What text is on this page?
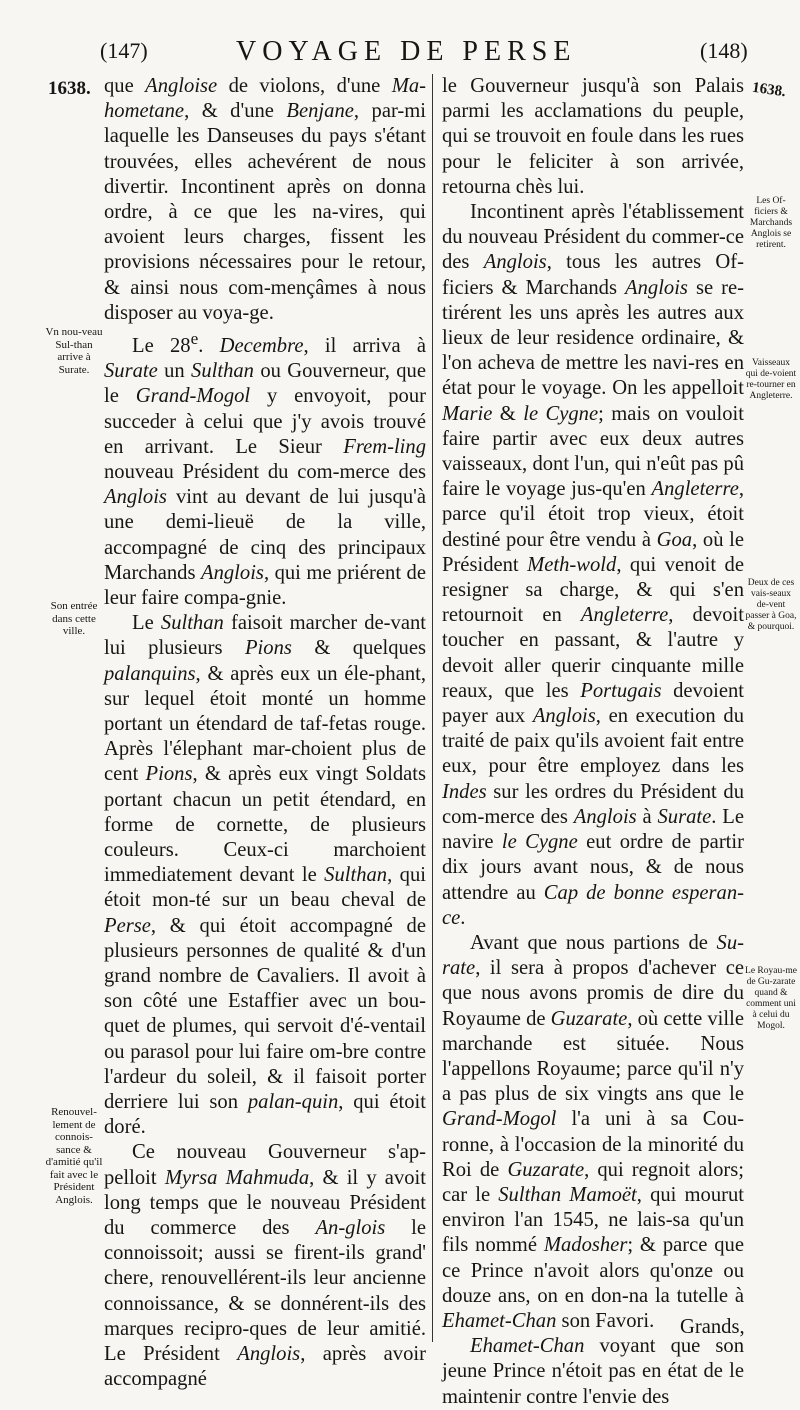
(147)	VOYAGE DE PERSE	(148)
1638.	1638.

que Angloise de violons, d'une Ma-hometane, & d'une Benjane, par-mi laquelle les Danseuses du pays s'étant trouvées, elles achevérent de nous divertir. Incontinent après on donna ordre, à ce que les na-vires, qui avoient leurs charges, fissent les provisions nécessaires pour le retour, & ainsi nous com-mençâmes à nous disposer au voya-ge.

Le 28e. Decembre, il arriva à Surate un Sulthan ou Gouverneur, que le Grand-Mogol y envoyoit, pour succeder à celui que j'y avois trouvé en arrivant. Le Sieur Frem-ling nouveau Président du com-merce des Anglois vint au devant de lui jusqu'à une demi-lieuë de la ville, accompagné de cinq des principaux Marchands Anglois, qui me priérent de leur faire compa-gnie.

Le Sulthan faisoit marcher de-vant lui plusieurs Pions & quelques palanquins, & après eux un éle-phant, sur lequel étoit monté un homme portant un étendard de taf-fetas rouge. Après l'élephant mar-choient plus de cent Pions, & après eux vingt Soldats portant chacun un petit étendard, en forme de cornette, de plusieurs couleurs. Ceux-ci marchoient immediatement devant le Sulthan, qui étoit mon-té sur un beau cheval de Perse, & qui étoit accompagné de plusieurs personnes de qualité & d'un grand nombre de Cavaliers. Il avoit à son côté une Estaffier avec un bou-quet de plumes, qui servoit d'é-ventail ou parasol pour lui faire om-bre contre l'ardeur du soleil, & il faisoit porter derriere lui son palan-quin, qui étoit doré.

Ce nouveau Gouverneur s'ap-pelloit Myrsa Mahmuda, & il y avoit long temps que le nouveau Président du commerce des An-glois le connoissoit; aussi se firent-ils grand' chere, renouvellérent-ils leur ancienne connoissance, & se donnérent-ils des marques recipro-ques de leur amitié. Le Président Anglois, après avoir accompagné

le Gouverneur jusqu'à son Palais parmi les acclamations du peuple, qui se trouvoit en foule dans les rues pour le feliciter à son arrivée, retourna chès lui.

Incontinent après l'établissement du nouveau Président du commer-ce des Anglois, tous les autres Of-ficiers & Marchands Anglois se re-tirérent les uns après les autres aux lieux de leur residence ordinaire, & l'on acheva de mettre les navi-res en état pour le voyage. On les appelloit Marie & le Cygne; mais on vouloit faire partir avec eux deux autres vaisseaux, dont l'un, qui n'eût pas pû faire le voyage jus-qu'en Angleterre, parce qu'il étoit trop vieux, étoit destiné pour être vendu à Goa, où le Président Meth-wold, qui venoit de resigner sa charge, & qui s'en retournoit en Angleterre, devoit toucher en passant, & l'autre y devoit aller querir cinquante mille reaux, que les Portugais devoient payer aux Anglois, en execution du traité de paix qu'ils avoient fait entre eux, pour être employez dans les Indes sur les ordres du Président du com-merce des Anglois à Surate. Le navire le Cygne eut ordre de partir dix jours avant nous, & de nous attendre au Cap de bonne esperan-ce.

Avant que nous partions de Su-rate, il sera à propos d'achever ce que nous avons promis de dire du Royaume de Guzarate, où cette ville marchande est située. Nous l'appellons Royaume; parce qu'il n'y a pas plus de six vingts ans que le Grand-Mogol l'a uni à sa Cou-ronne, à l'occasion de la minorité du Roi de Guzarate, qui regnoit alors; car le Sulthan Mamoët, qui mourut environ l'an 1545, ne lais-sa qu'un fils nommé Madosher; & parce que ce Prince n'avoit alors qu'onze ou douze ans, on en don-na la tutelle à Ehamet-Chan son Favori.

Ehamet-Chan voyant que son jeune Prince n'étoit pas en état de le maintenir contre l'envie des

Grands,
Vn nou-veau Sul-than arrive à Surate.
Son entrée dans cette ville.
Renouvel-lement de connois-sance & d'amitié qu'il fait avec le Président Anglois.
Les Of-ficiers & Marchands Anglois se retirent.
Vaisseaux qui de-voient re-tourner en Angleterre.
Deux de ces vais-seaux de-vent passer à Goa, & pourquoi.
Le Royau-me de Gu-zarate quand & comment uni à celui du Mogol.
